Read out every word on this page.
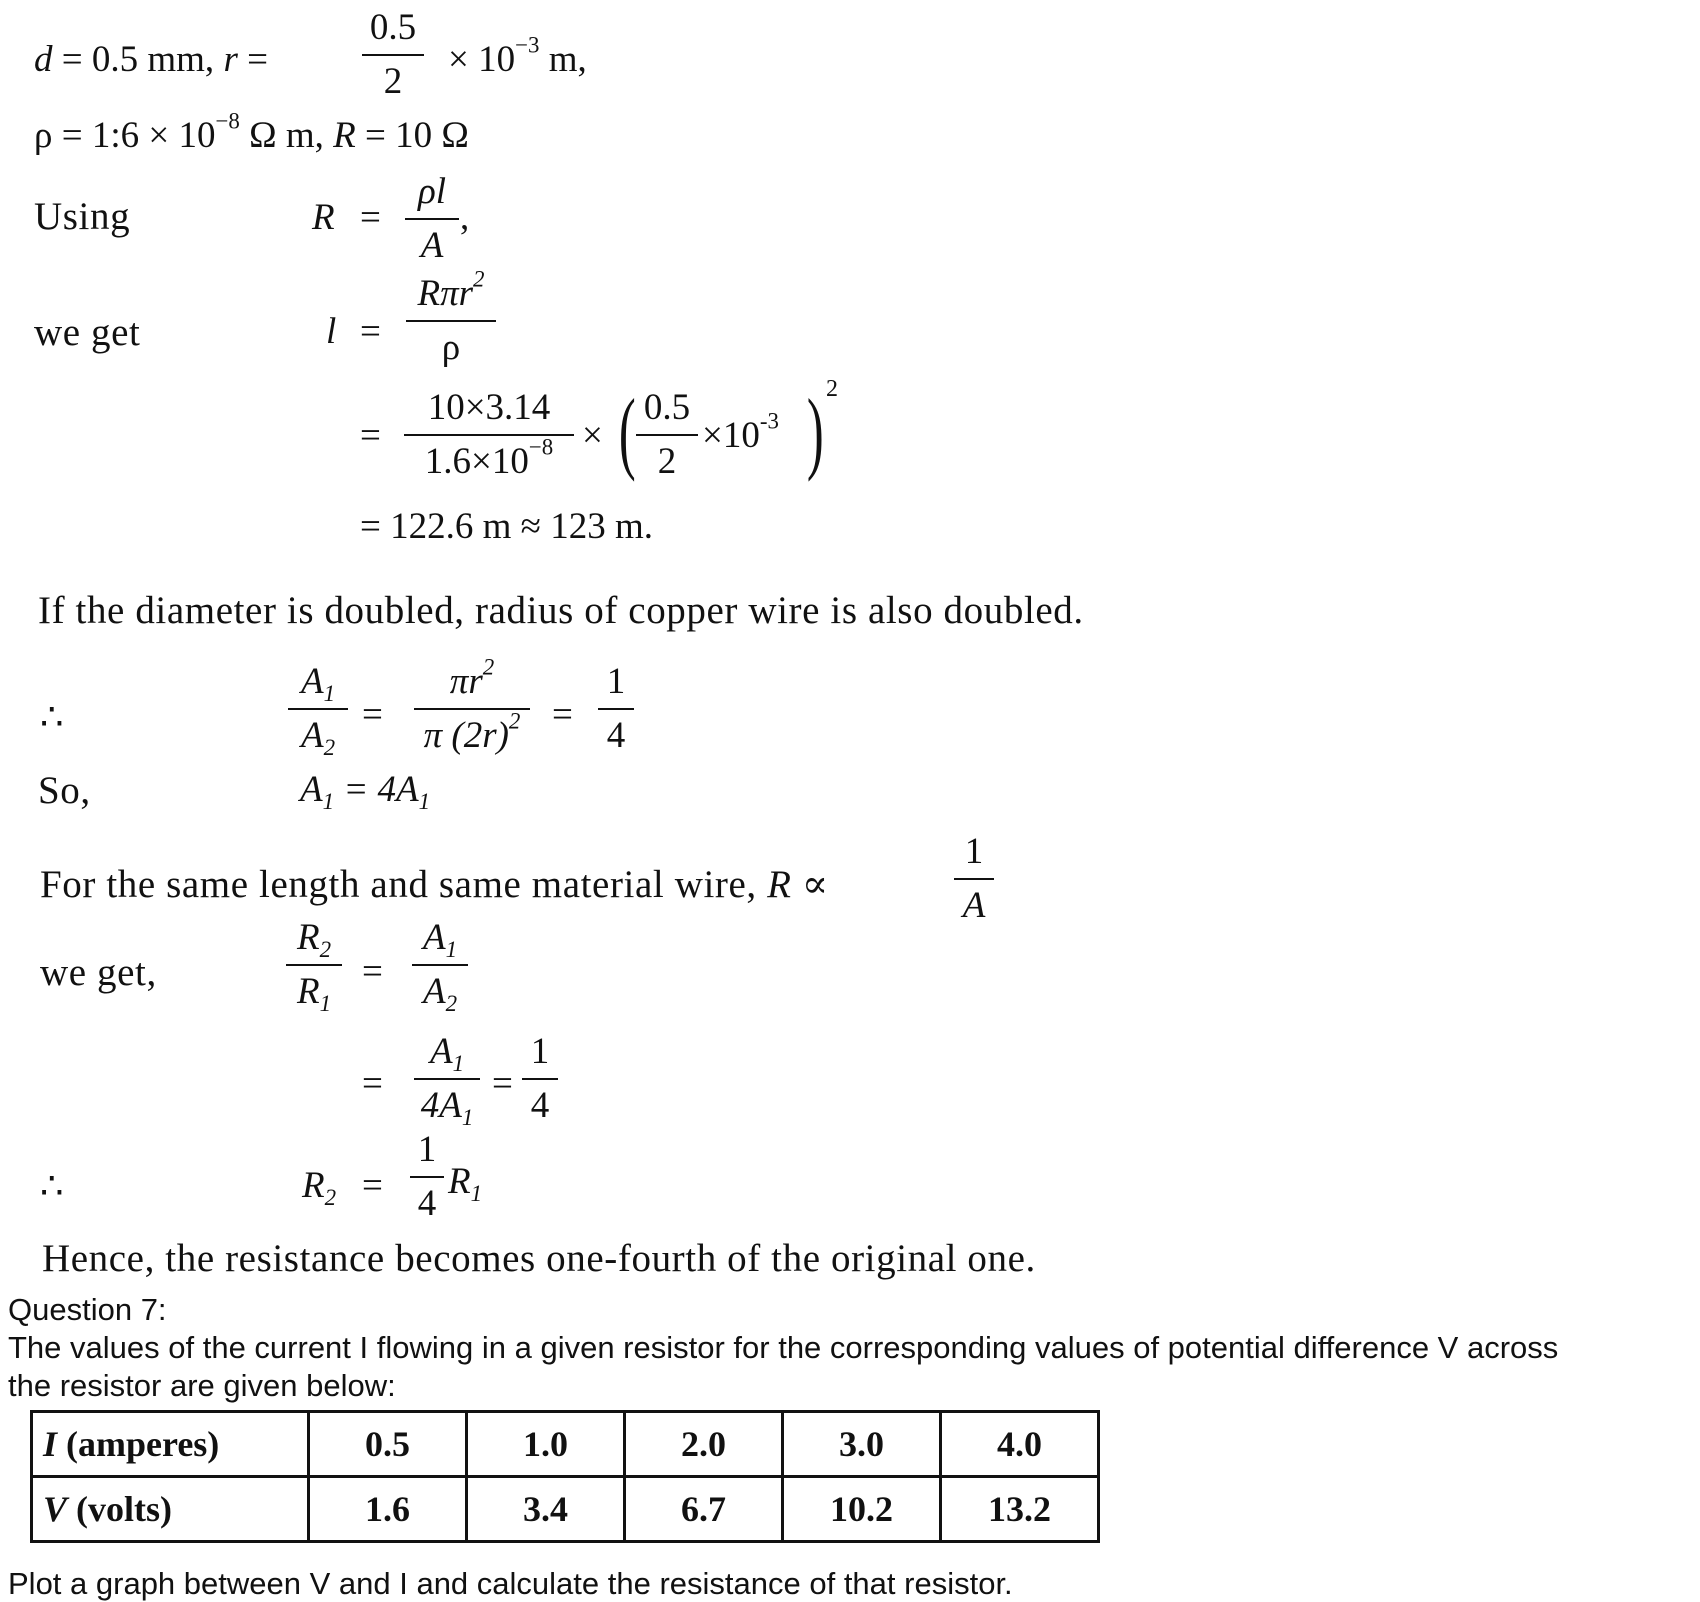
d = 0.5 mm, r =
0.5
2
× $10^{-3}$ m,
ρ = 1:6 × $10^{-8}$ Ω m, R = 10 Ω
Using	R =
ρl
A
,
we get	l =
Rπr$^2$
ρ
=
10×3.14
$1.6\times 10^{-8}$ × ( 0.5
2
$\times 10^{-3}$ ) 2
= 122.6 m ≈ 123 m.
If the diameter is doubled, radius of copper wire is also doubled.
∴
$A_1$
$A_2$
=
$\pi r^2$
π $(2r)^2$ =
1
4
So,	$A_1 = 4A_1$
For the same length and same material wire, R ∝
1
A
we get,
$R_2$
$R_1$
=
$A_1$
$A_2$
=
$A_1$
$4A_1$
=
1
4
∴	$R_2$ =
1
4
$R_1$
Hence, the resistance becomes one-fourth of the original one.
Question 7:
The values of the current I flowing in a given resistor for the corresponding values of potential difference V across
the resistor are given below:
I (amperes)	0.5	1.0	2.0	3.0	4.0
V (volts)	1.6	3.4	6.7	10.2	13.2
Plot a graph between V and I and calculate the resistance of that resistor.
